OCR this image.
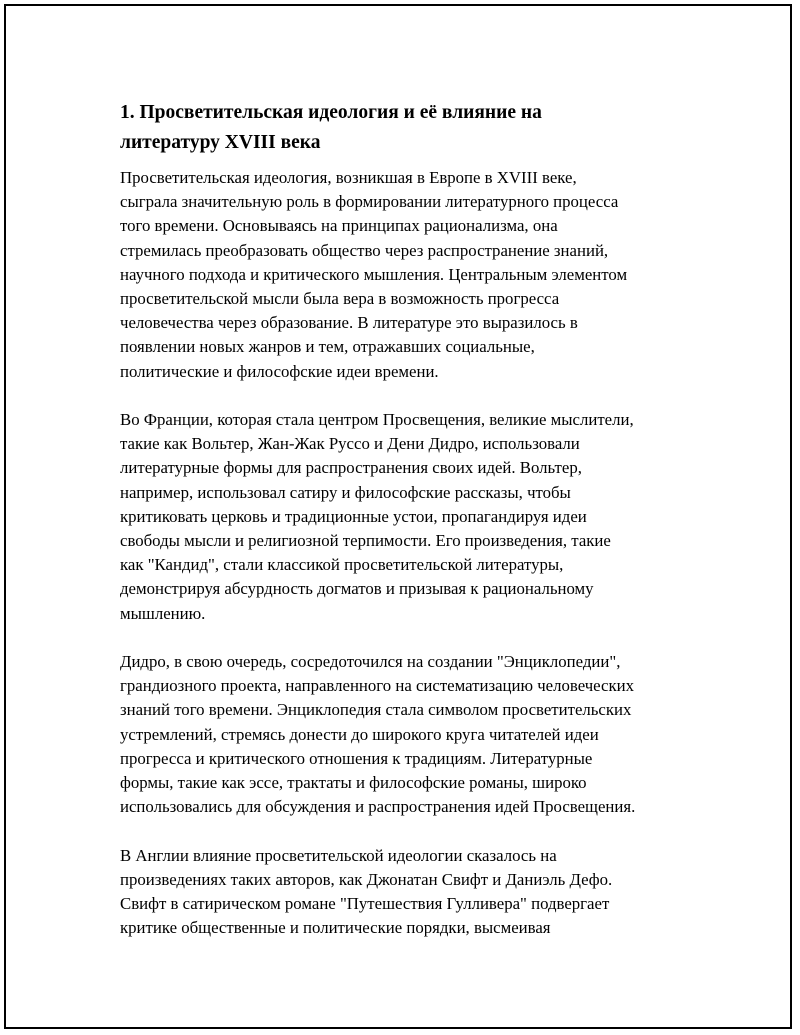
1. Просветительская идеология и её влияние на
литературу XVIII века

Просветительская идеология, возникшая в Европе в XVIII веке,
сыграла значительную роль в формировании литературного процесса
того времени. Основываясь на принципах рационализма, она
стремилась преобразовать общество через распространение знаний,
научного подхода и критического мышления. Центральным элементом
просветительской мысли была вера в возможность прогресса
человечества через образование. В литературе это выразилось в
появлении новых жанров и тем, отражавших социальные,
политические и философские идеи времени.

Во Франции, которая стала центром Просвещения, великие мыслители,
такие как Вольтер, Жан-Жак Руссо и Дени Дидро, использовали
литературные формы для распространения своих идей. Вольтер,
например, использовал сатиру и философские рассказы, чтобы
критиковать церковь и традиционные устои, пропагандируя идеи
свободы мысли и религиозной терпимости. Его произведения, такие
как "Кандид", стали классикой просветительской литературы,
демонстрируя абсурдность догматов и призывая к рациональному
мышлению.

Дидро, в свою очередь, сосредоточился на создании "Энциклопедии",
грандиозного проекта, направленного на систематизацию человеческих
знаний того времени. Энциклопедия стала символом просветительских
устремлений, стремясь донести до широкого круга читателей идеи
прогресса и критического отношения к традициям. Литературные
формы, такие как эссе, трактаты и философские романы, широко
использовались для обсуждения и распространения идей Просвещения.

В Англии влияние просветительской идеологии сказалось на
произведениях таких авторов, как Джонатан Свифт и Даниэль Дефо.
Свифт в сатирическом романе "Путешествия Гулливера" подвергает
критике общественные и политические порядки, высмеивая
